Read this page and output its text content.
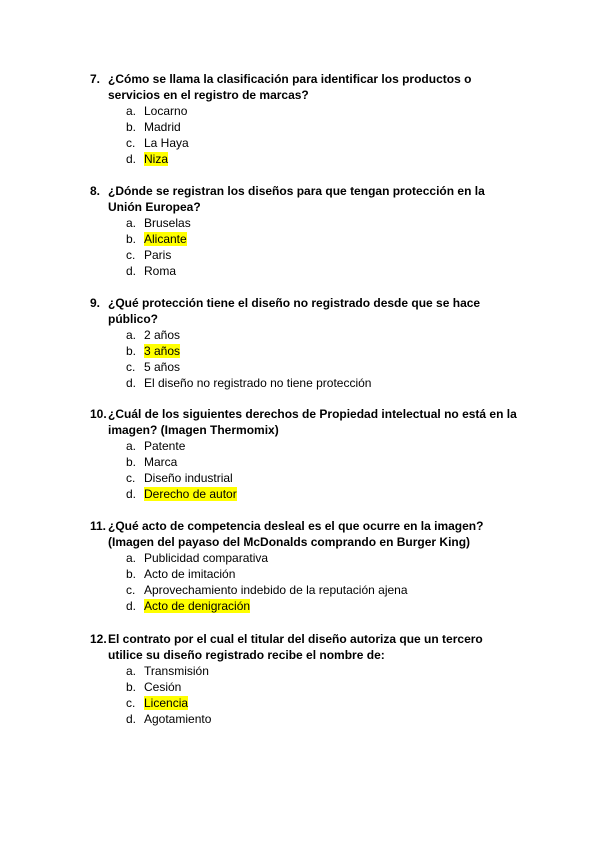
7. ¿Cómo se llama la clasificación para identificar los productos o servicios en el registro de marcas?
a. Locarno
b. Madrid
c. La Haya
d. Niza
8. ¿Dónde se registran los diseños para que tengan protección en la Unión Europea?
a. Bruselas
b. Alicante
c. Paris
d. Roma
9. ¿Qué protección tiene el diseño no registrado desde que se hace público?
a. 2 años
b. 3 años
c. 5 años
d. El diseño no registrado no tiene protección
10. ¿Cuál de los siguientes derechos de Propiedad intelectual no está en la imagen? (Imagen Thermomix)
a. Patente
b. Marca
c. Diseño industrial
d. Derecho de autor
11. ¿Qué acto de competencia desleal es el que ocurre en la imagen? (Imagen del payaso del McDonalds comprando en Burger King)
a. Publicidad comparativa
b. Acto de imitación
c. Aprovechamiento indebido de la reputación ajena
d. Acto de denigración
12. El contrato por el cual el titular del diseño autoriza que un tercero utilice su diseño registrado recibe el nombre de:
a. Transmisión
b. Cesión
c. Licencia
d. Agotamiento
